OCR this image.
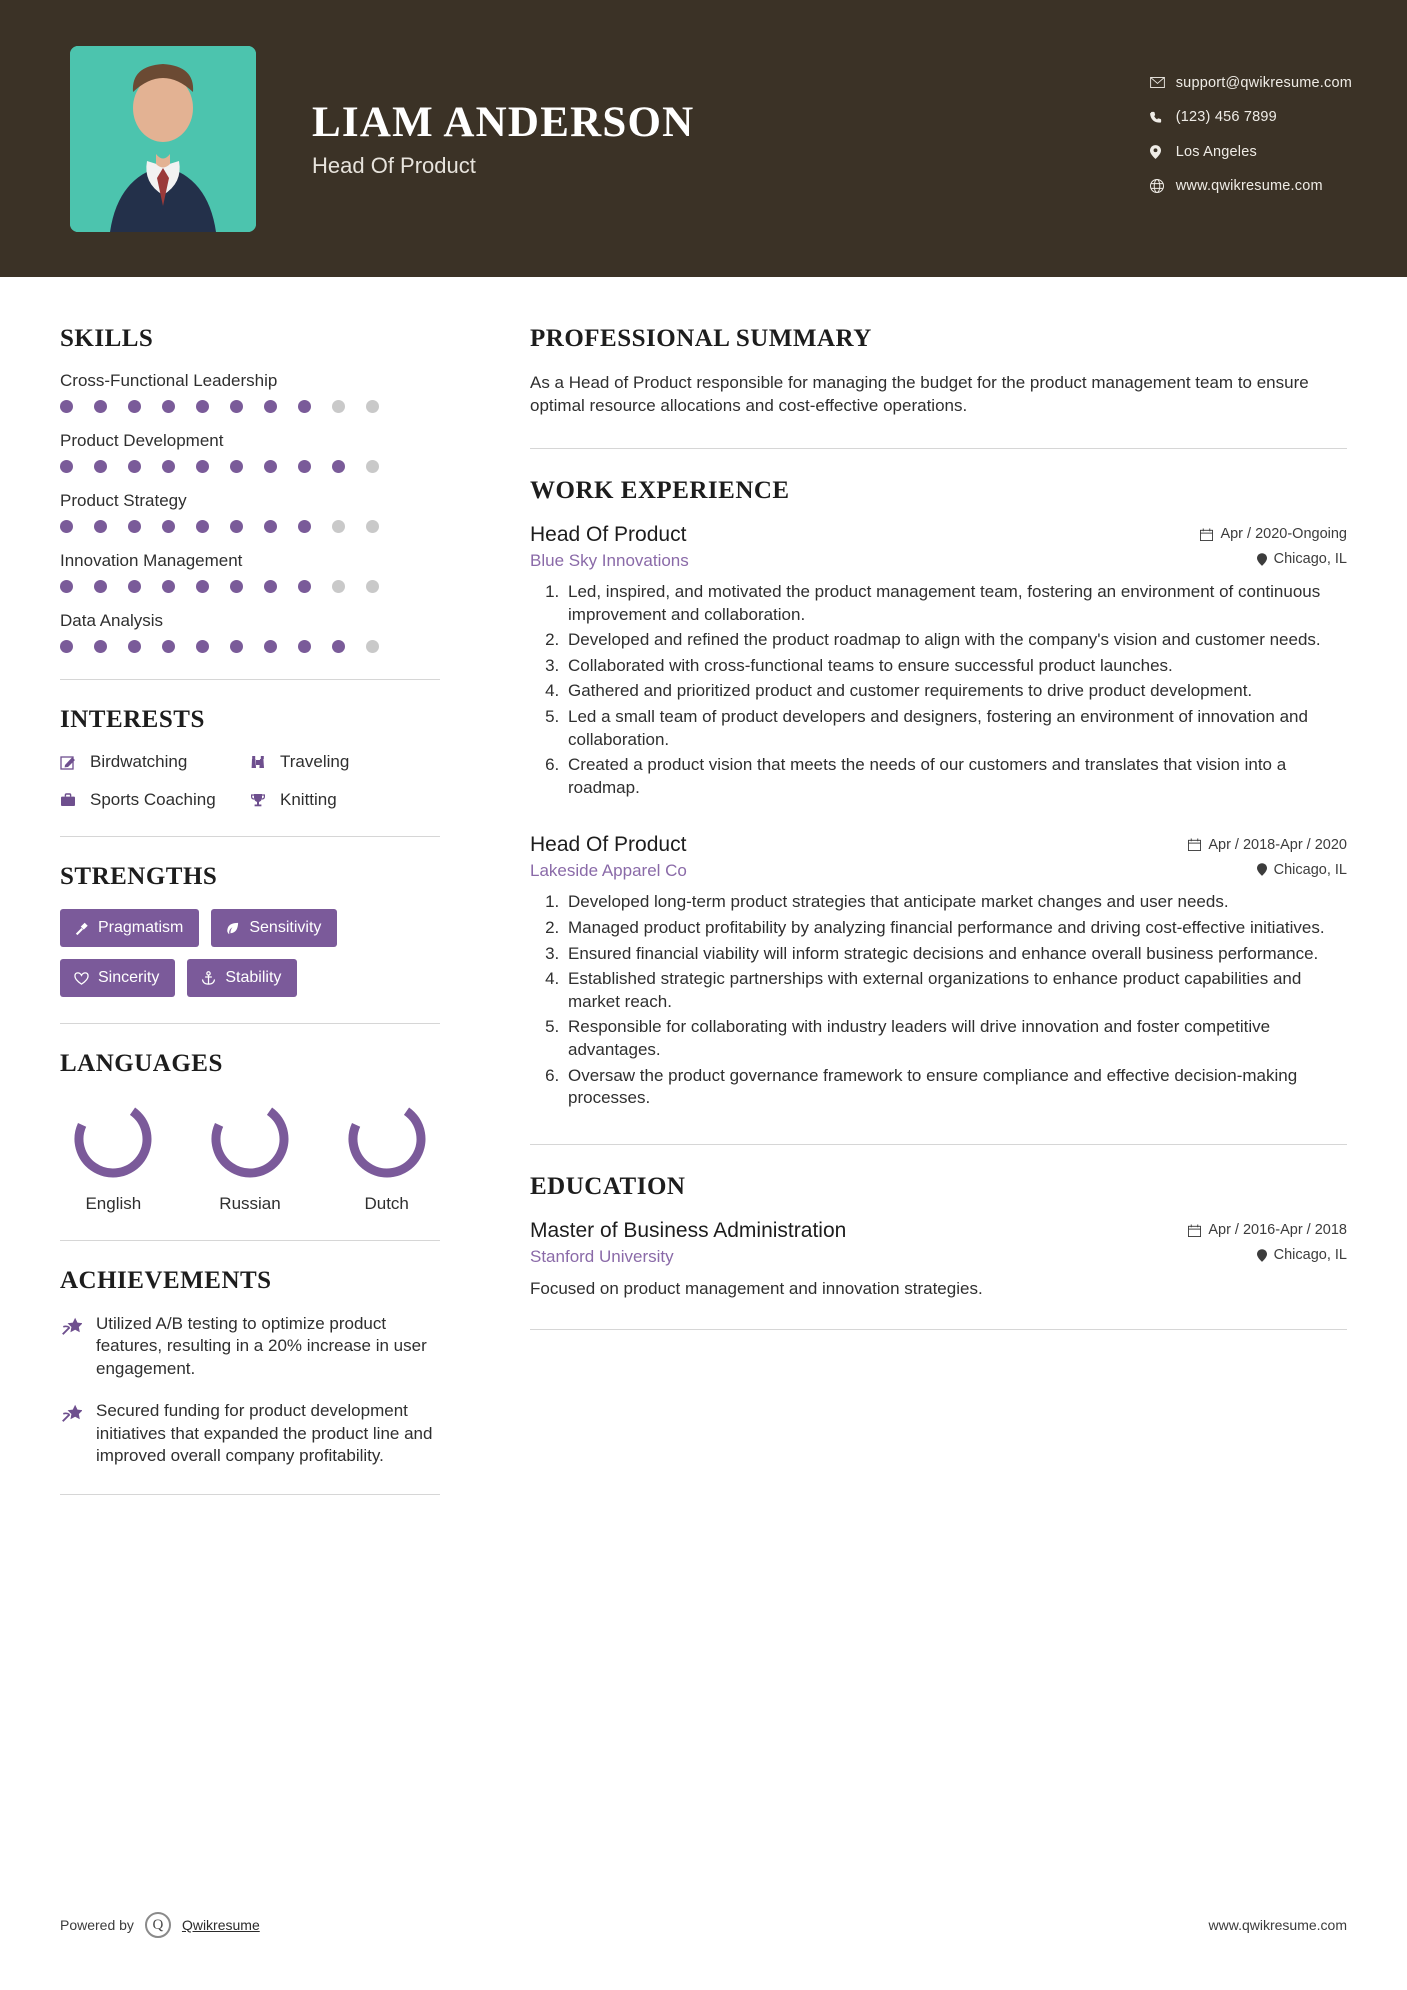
LIAM ANDERSON

Head Of Product

support@qwikresume.com
(123) 456 7899
Los Angeles
www.qwikresume.com
SKILLS
Cross-Functional Leadership
Product Development
Product Strategy
Innovation Management
Data Analysis
INTERESTS
Birdwatching	Traveling
Sports Coaching	Knitting
STRENGTHS
Pragmatism	Sensitivity
Sincerity	Stability
LANGUAGES
English	Russian	Dutch
ACHIEVEMENTS
Utilized A/B testing to optimize product features, resulting in a 20% increase in user engagement.
Secured funding for product development initiatives that expanded the product line and improved overall company profitability.
PROFESSIONAL SUMMARY

As a Head of Product responsible for managing the budget for the product management team to ensure optimal resource allocations and cost-effective operations.

WORK EXPERIENCE
Head Of Product	Apr / 2020-Ongoing
Blue Sky Innovations	Chicago, IL
1. Led, inspired, and motivated the product management team, fostering an environment of continuous improvement and collaboration.
2. Developed and refined the product roadmap to align with the company's vision and customer needs.
3. Collaborated with cross-functional teams to ensure successful product launches.
4. Gathered and prioritized product and customer requirements to drive product development.
5. Led a small team of product developers and designers, fostering an environment of innovation and collaboration.
6. Created a product vision that meets the needs of our customers and translates that vision into a roadmap.
Head Of Product	Apr / 2018-Apr / 2020
Lakeside Apparel Co	Chicago, IL
1. Developed long-term product strategies that anticipate market changes and user needs.
2. Managed product profitability by analyzing financial performance and driving cost-effective initiatives.
3. Ensured financial viability will inform strategic decisions and enhance overall business performance.
4. Established strategic partnerships with external organizations to enhance product capabilities and market reach.
5. Responsible for collaborating with industry leaders will drive innovation and foster competitive advantages.
6. Oversaw the product governance framework to ensure compliance and effective decision-making processes.
EDUCATION
Master of Business Administration	Apr / 2016-Apr / 2018
Stanford University	Chicago, IL
Focused on product management and innovation strategies.
Powered by	Q	Qwikresume	www.qwikresume.com
